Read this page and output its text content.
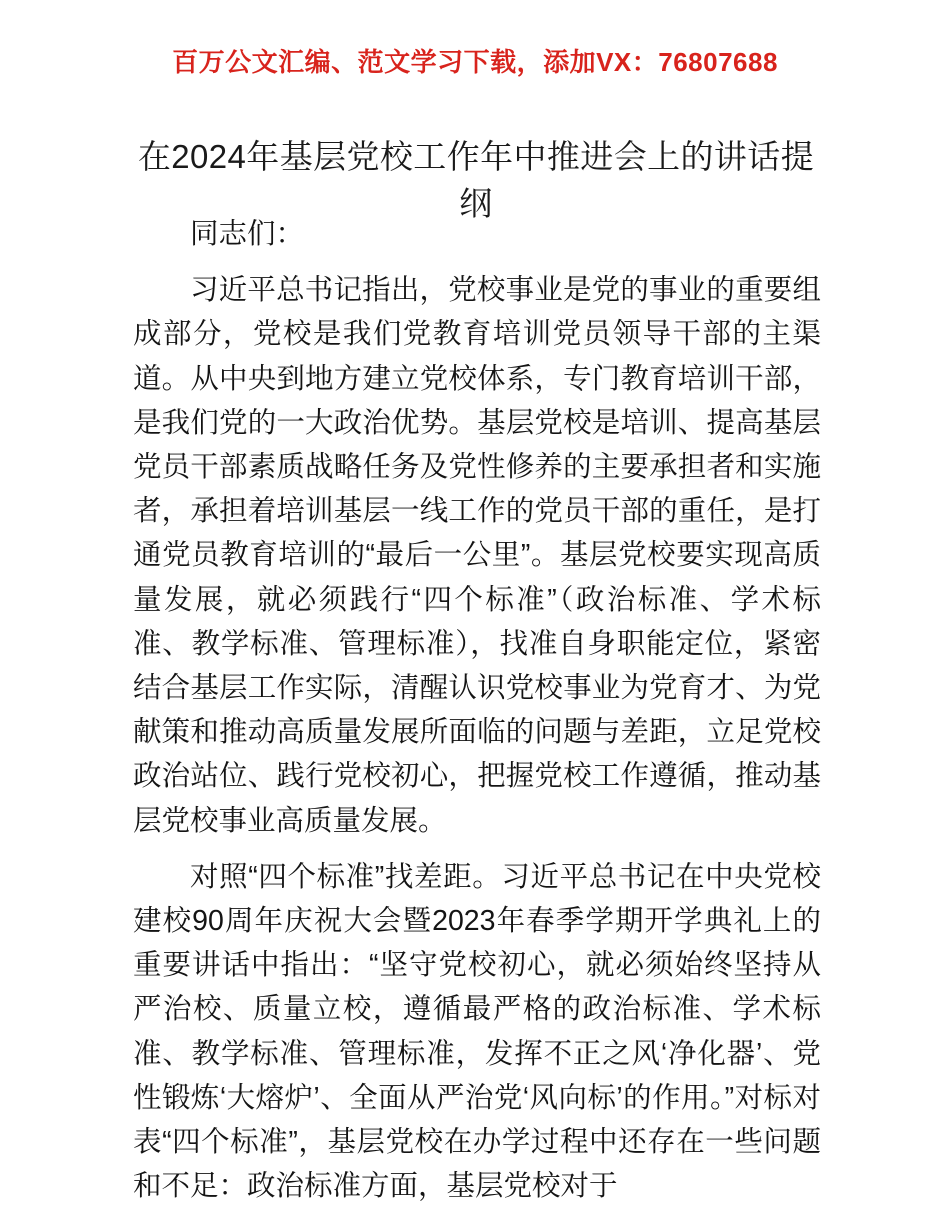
百万公文汇编、范文学习下载，添加VX：76807688
在2024年基层党校工作年中推进会上的讲话提纲

同志们：

习近平总书记指出，党校事业是党的事业的重要组成部分，党校是我们党教育培训党员领导干部的主渠道。从中央到地方建立党校体系，专门教育培训干部，是我们党的一大政治优势。基层党校是培训、提高基层党员干部素质战略任务及党性修养的主要承担者和实施者，承担着培训基层一线工作的党员干部的重任，是打通党员教育培训的“最后一公里”。基层党校要实现高质量发展，就必须践行“四个标准”（政治标准、学术标准、教学标准、管理标准），找准自身职能定位，紧密结合基层工作实际，清醒认识党校事业为党育才、为党献策和推动高质量发展所面临的问题与差距，立足党校政治站位、践行党校初心，把握党校工作遵循，推动基层党校事业高质量发展。

对照“四个标准”找差距。习近平总书记在中央党校建校90周年庆祝大会暨2023年春季学期开学典礼上的重要讲话中指出：“坚守党校初心，就必须始终坚持从严治校、质量立校，遵循最严格的政治标准、学术标准、教学标准、管理标准，发挥不正之风‘净化器’、党性锻炼‘大熔炉’、全面从严治党‘风向标’的作用。”对标对表“四个标准”，基层党校在办学过程中还存在一些问题和不足：政治标准方面，基层党校对于
